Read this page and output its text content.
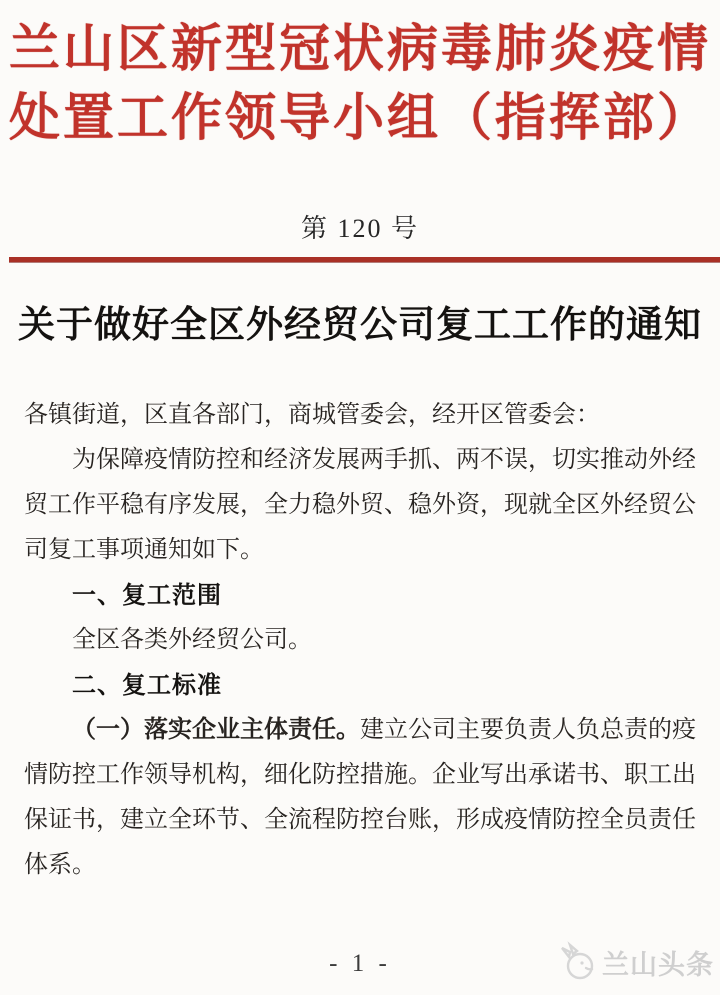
兰山区新型冠状病毒肺炎疫情
处置工作领导小组（指挥部）
第 120 号
关于做好全区外经贸公司复工工作的通知

各镇街道，区直各部门，商城管委会，经开区管委会：

为保障疫情防控和经济发展两手抓、两不误，切实推动外经贸工作平稳有序发展，全力稳外贸、稳外资，现就全区外经贸公司复工事项通知如下。

一、复工范围

全区各类外经贸公司。

二、复工标准

（一）落实企业主体责任。建立公司主要负责人负总责的疫情防控工作领导机构，细化防控措施。企业写出承诺书、职工出保证书，建立全环节、全流程防控台账，形成疫情防控全员责任体系。

- 1 -	兰山头条
